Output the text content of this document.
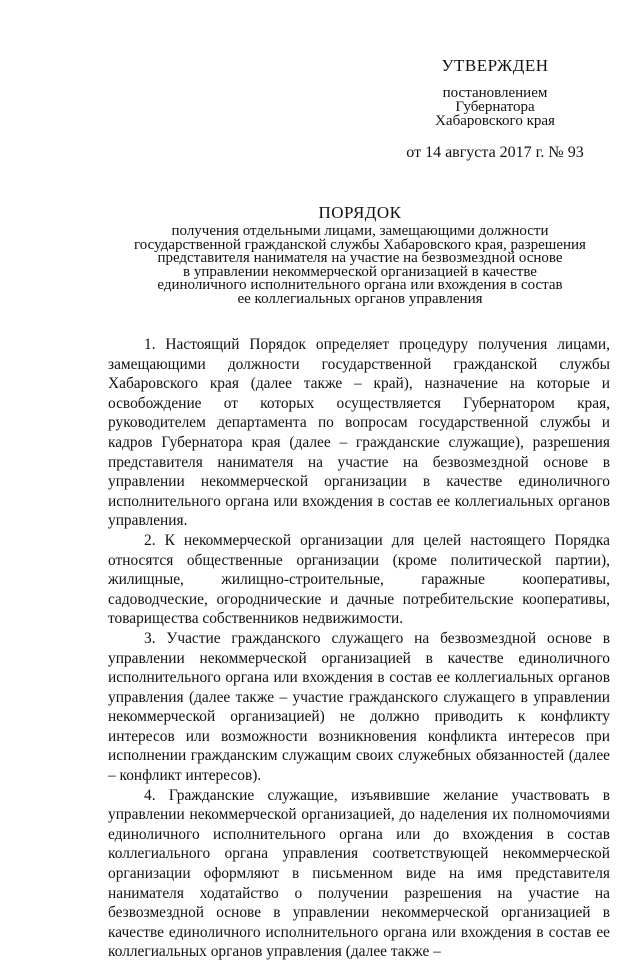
УТВЕРЖДЕН
постановлением
Губернатора
Хабаровского края
от 14 августа 2017 г. № 93
ПОРЯДОК
получения отдельными лицами, замещающими должности
государственной гражданской службы Хабаровского края, разрешения
представителя нанимателя на участие на безвозмездной основе
в управлении некоммерческой организацией в качестве
единоличного исполнительного органа или вхождения в состав
ее коллегиальных органов управления

1. Настоящий Порядок определяет процедуру получения лицами, замещающими должности государственной гражданской службы Хабаровского края (далее также – край), назначение на которые и освобождение от которых осуществляется Губернатором края, руководителем департамента по вопросам государственной службы и кадров Губернатора края (далее – гражданские служащие), разрешения представителя нанимателя на участие на безвозмездной основе в управлении некоммерческой организации в качестве единоличного исполнительного органа или вхождения в состав ее коллегиальных органов управления.

2. К некоммерческой организации для целей настоящего Порядка относятся общественные организации (кроме политической партии), жилищные, жилищно-строительные, гаражные кооперативы, садоводческие, огороднические и дачные потребительские кооперативы, товарищества собственников недвижимости.

3. Участие гражданского служащего на безвозмездной основе в управлении некоммерческой организацией в качестве единоличного исполнительного органа или вхождения в состав ее коллегиальных органов управления (далее также – участие гражданского служащего в управлении некоммерческой организацией) не должно приводить к конфликту интересов или возможности возникновения конфликта интересов при исполнении гражданским служащим своих служебных обязанностей (далее – конфликт интересов).

4. Гражданские служащие, изъявившие желание участвовать в управлении некоммерческой организацией, до наделения их полномочиями единоличного исполнительного органа или до вхождения в состав коллегиального органа управления соответствующей некоммерческой организации оформляют в письменном виде на имя представителя нанимателя ходатайство о получении разрешения на участие на безвозмездной основе в управлении некоммерческой организацией в качестве единоличного исполнительного органа или вхождения в состав ее коллегиальных органов управления (далее также –
